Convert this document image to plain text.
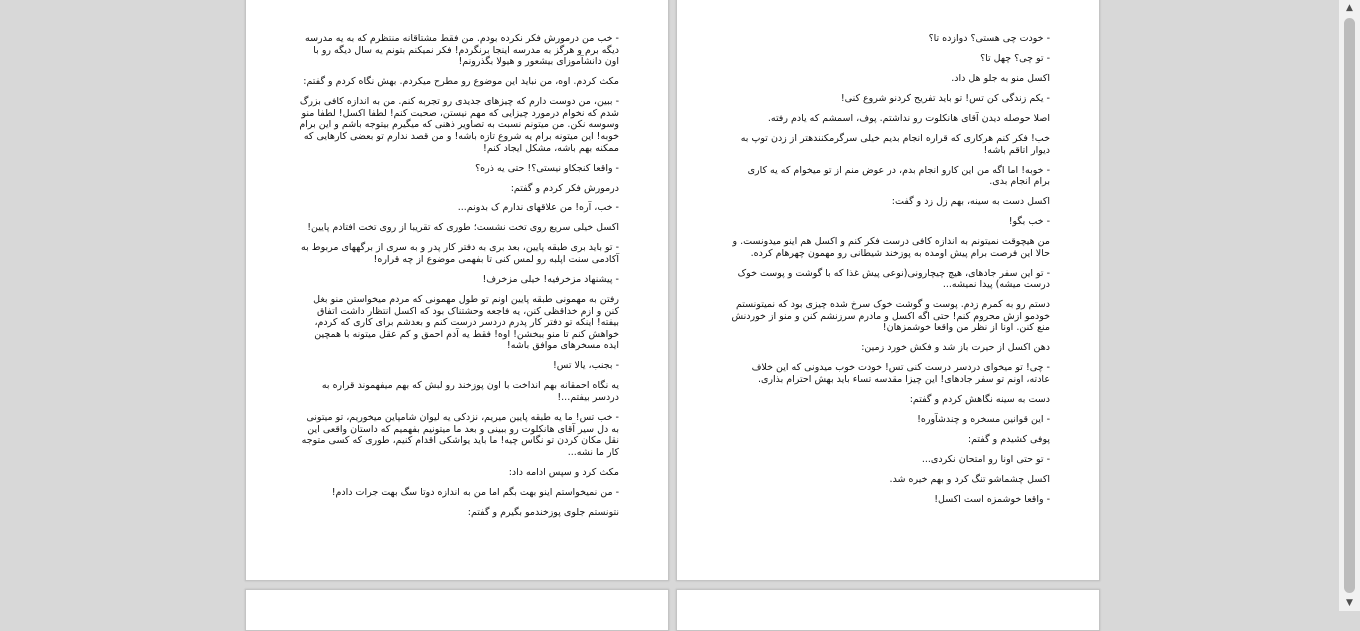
- خودت چی هستی؟ دوازده تا؟

- تو چی؟ چهل تا؟

اکسل منو به جلو هل داد.

- یکم زندگی کن تس! تو باید تفریح کردنو شروع کنی!

اصلا حوصله دیدن آقای هانکلوت رو نداشتم. پوف، اسمشم که یادم رفته.

خب! فکر کنم هرکاری که قراره انجام بدیم خیلی سرگرمکنندهتر از زدن توپ به دیوار اتاقم باشه!

- خوبه! اما اگه من این کارو انجام بدم، در عوض منم از تو میخوام که یه کاری برام انجام بدی.

اکسل دست به سینه، بهم زل زد و گفت:

- خب بگو!

من هیچوقت نمیتونم به اندازه کافی درست فکر کنم و اکسل هم اینو میدونست. و حالا این فرصت برام پیش اومده به پوزخند شیطانی رو مهمون چهرهام کرده.

- تو این سفر جادهای، هیچ چیچارونی(نوعی پیش غذا که با گوشت و پوست خوک درست میشه) پیدا نمیشه...

دستم رو به کمرم زدم. پوست و گوشت خوک سرخ شده چیزی بود که نمیتونستم خودمو ازش محروم کنم! حتی اگه اکسل و مادرم سرزنشم کنن و منو از خوردنش منع کنن. اونا از نظر من واقعا خوشمزهان!

دهن اکسل از حیرت باز شد و فکش خورد زمین:

- چی! تو میخوای دردسر درست کنی تس! خودت خوب میدونی که این خلاف عادته، اونم تو سفر جادهای! این چیزا مقدسه تساء باید بهش احترام بذاری.

دست به سینه نگاهش کردم و گفتم:

- این قوانین مسخره و چندشآوره!

پوفی کشیدم و گفتم:

- تو حتی اونا رو امتحان نکردی...

اکسل چشماشو تنگ کرد و بهم خیره شد.

- واقعا خوشمزه است اکسل!

- خب من درمورش فکر نکرده بودم. من فقط مشتاقانه منتظرم که به یه مدرسه دیگه برم و هرگز به مدرسه اینجا برنگردم! فکر نمیکنم بتونم یه سال دیگه رو با اون دانشآموزای بیشعور و هیولا بگذرونم!

مکث کردم. اوه، من نباید این موضوع رو مطرح میکردم. بهش نگاه کردم و گفتم:

- ببین، من دوست دارم که چیزهای جدیدی رو تجربه کنم. من به اندازه کافی بزرگ شدم که نخوام درمورد چیزایی که مهم نیستن، صحبت کنم! لطفا اکسل! لطفا منو وسوسه نکن. من میتونم نسبت به تصاویر ذهنی که میگیرم بیتوجه باشم و این برام خوبه! این میتونه برام یه شروع تازه باشه! و من قصد ندارم تو بعضی کارهایی که ممکنه بهم باشه، مشکل ایجاد کنم!

- واقعا کنجکاو نیستی؟! حتی یه ذره؟

درمورش فکر کردم و گفتم:

- خب، آره! من علاقهای ندارم ک بدونم...

اکسل خیلی سریع روی تخت نشست؛ طوری که تقریبا از روی تخت افتادم پایین!

- تو باید بری طبقه پایین، بعد بری به دفتر کار پدر و به سری از برگههای مربوط به آکادمی سنت اپلبه رو لمس کنی تا بفهمی موضوع از چه قراره!

- پیشنهاد مزخرفیه! خیلی مزخرف!

رفتن به مهمونی طبقه پایین اونم تو طول مهمونی که مردم میخواستن منو بغل کنن و ازم خداقظی کنن، یه فاجعه وحشتناک بود که اکسل انتظار داشت اتفاق بیفته! اینکه تو دفتر کار پدرم دردسر درست کنم و بعدشم برای کاری که کردم، خواهش کنم تا منو ببخشن! اوه! فقط یه آدم احمق و کم عقل میتونه با همچین ایده مسخرهای موافق باشه!

- بجنب، یالا تس!

یه نگاه احمقانه بهم انداخت با اون پوزخند رو لبش که بهم میفهموند قراره به دردسر بیفتم...!

- خب تس! ما یه طبقه پایین میریم، نزدکی یه لیوان شامپاین میخوریم، تو میتونی به دل سیر آقای هانکلوت رو ببینی و بعد ما میتونیم بفهمیم که داستان واقعی این نقل مکان کردن تو نگاس چیه! ما باید یواشکی اقدام کنیم، طوری که کسی متوجه کار ما نشه...

مکث کرد و سپس ادامه داد:

- من نمیخواستم اینو بهت بگم اما من به اندازه دوتا سگ بهت جرات دادم!

نتونستم جلوی پوزخندمو بگیرم و گفتم:

▲
▼
